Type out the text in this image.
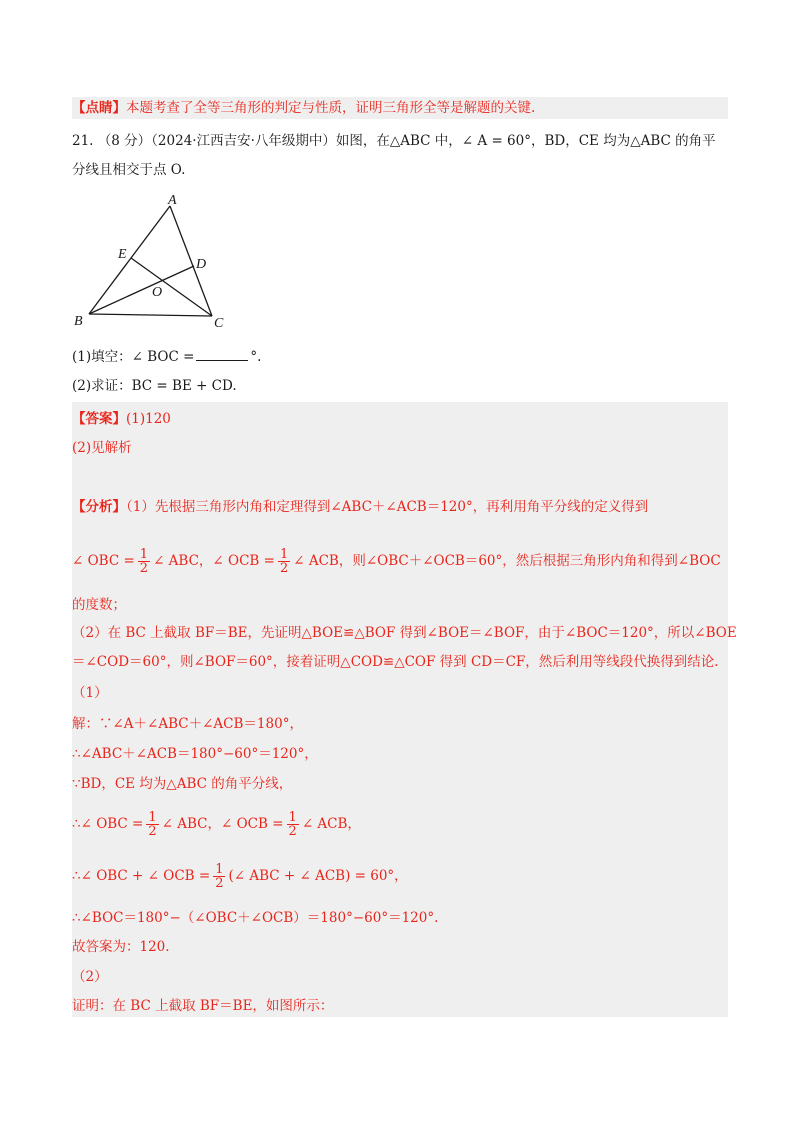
【点睛】本题考查了全等三角形的判定与性质，证明三角形全等是解题的关键.
21. （8 分）（2024·江西吉安·八年级期中）如图，在△ABC 中，∠ A = 60°，BD，CE 均为△ABC 的角平
分线且相交于点 O.
A
B	C
D
E
O
(1)填空：∠ BOC =	°.
(2)求证：BC = BE + CD.
【答案】(1)120
(2)见解析
【分析】（1）先根据三角形内角和定理得到∠ABC＋∠ACB＝120°，再利用角平分线的定义得到
∠ OBC = $\frac{1}{2}$ ∠ ABC，∠ OCB = $\frac{1}{2}$ ∠ ACB，则∠OBC＋∠OCB＝60°，然后根据三角形内角和得到∠BOC
的度数；
（2）在 BC 上截取 BF＝BE，先证明△BOE≌△BOF 得到∠BOE＝∠BOF，由于∠BOC＝120°，所以∠BOE
＝∠COD＝60°，则∠BOF＝60°，接着证明△COD≌△COF 得到 CD＝CF，然后利用等线段代换得到结论.
（1）
解：∵∠A＋∠ABC＋∠ACB＝180°，
∴∠ABC＋∠ACB＝180°−60°＝120°，
∵BD，CE 均为△ABC 的角平分线，
∴∠ OBC = $\frac{1}{2}$ ∠ ABC，∠ OCB = $\frac{1}{2}$ ∠ ACB，
∴∠ OBC + ∠ OCB = $\frac{1}{2}$ (∠ ABC + ∠ ACB) = 60°，
∴∠BOC＝180°−（∠OBC＋∠OCB）＝180°−60°＝120°.
故答案为：120.
（2）
证明：在 BC 上截取 BF＝BE，如图所示：
